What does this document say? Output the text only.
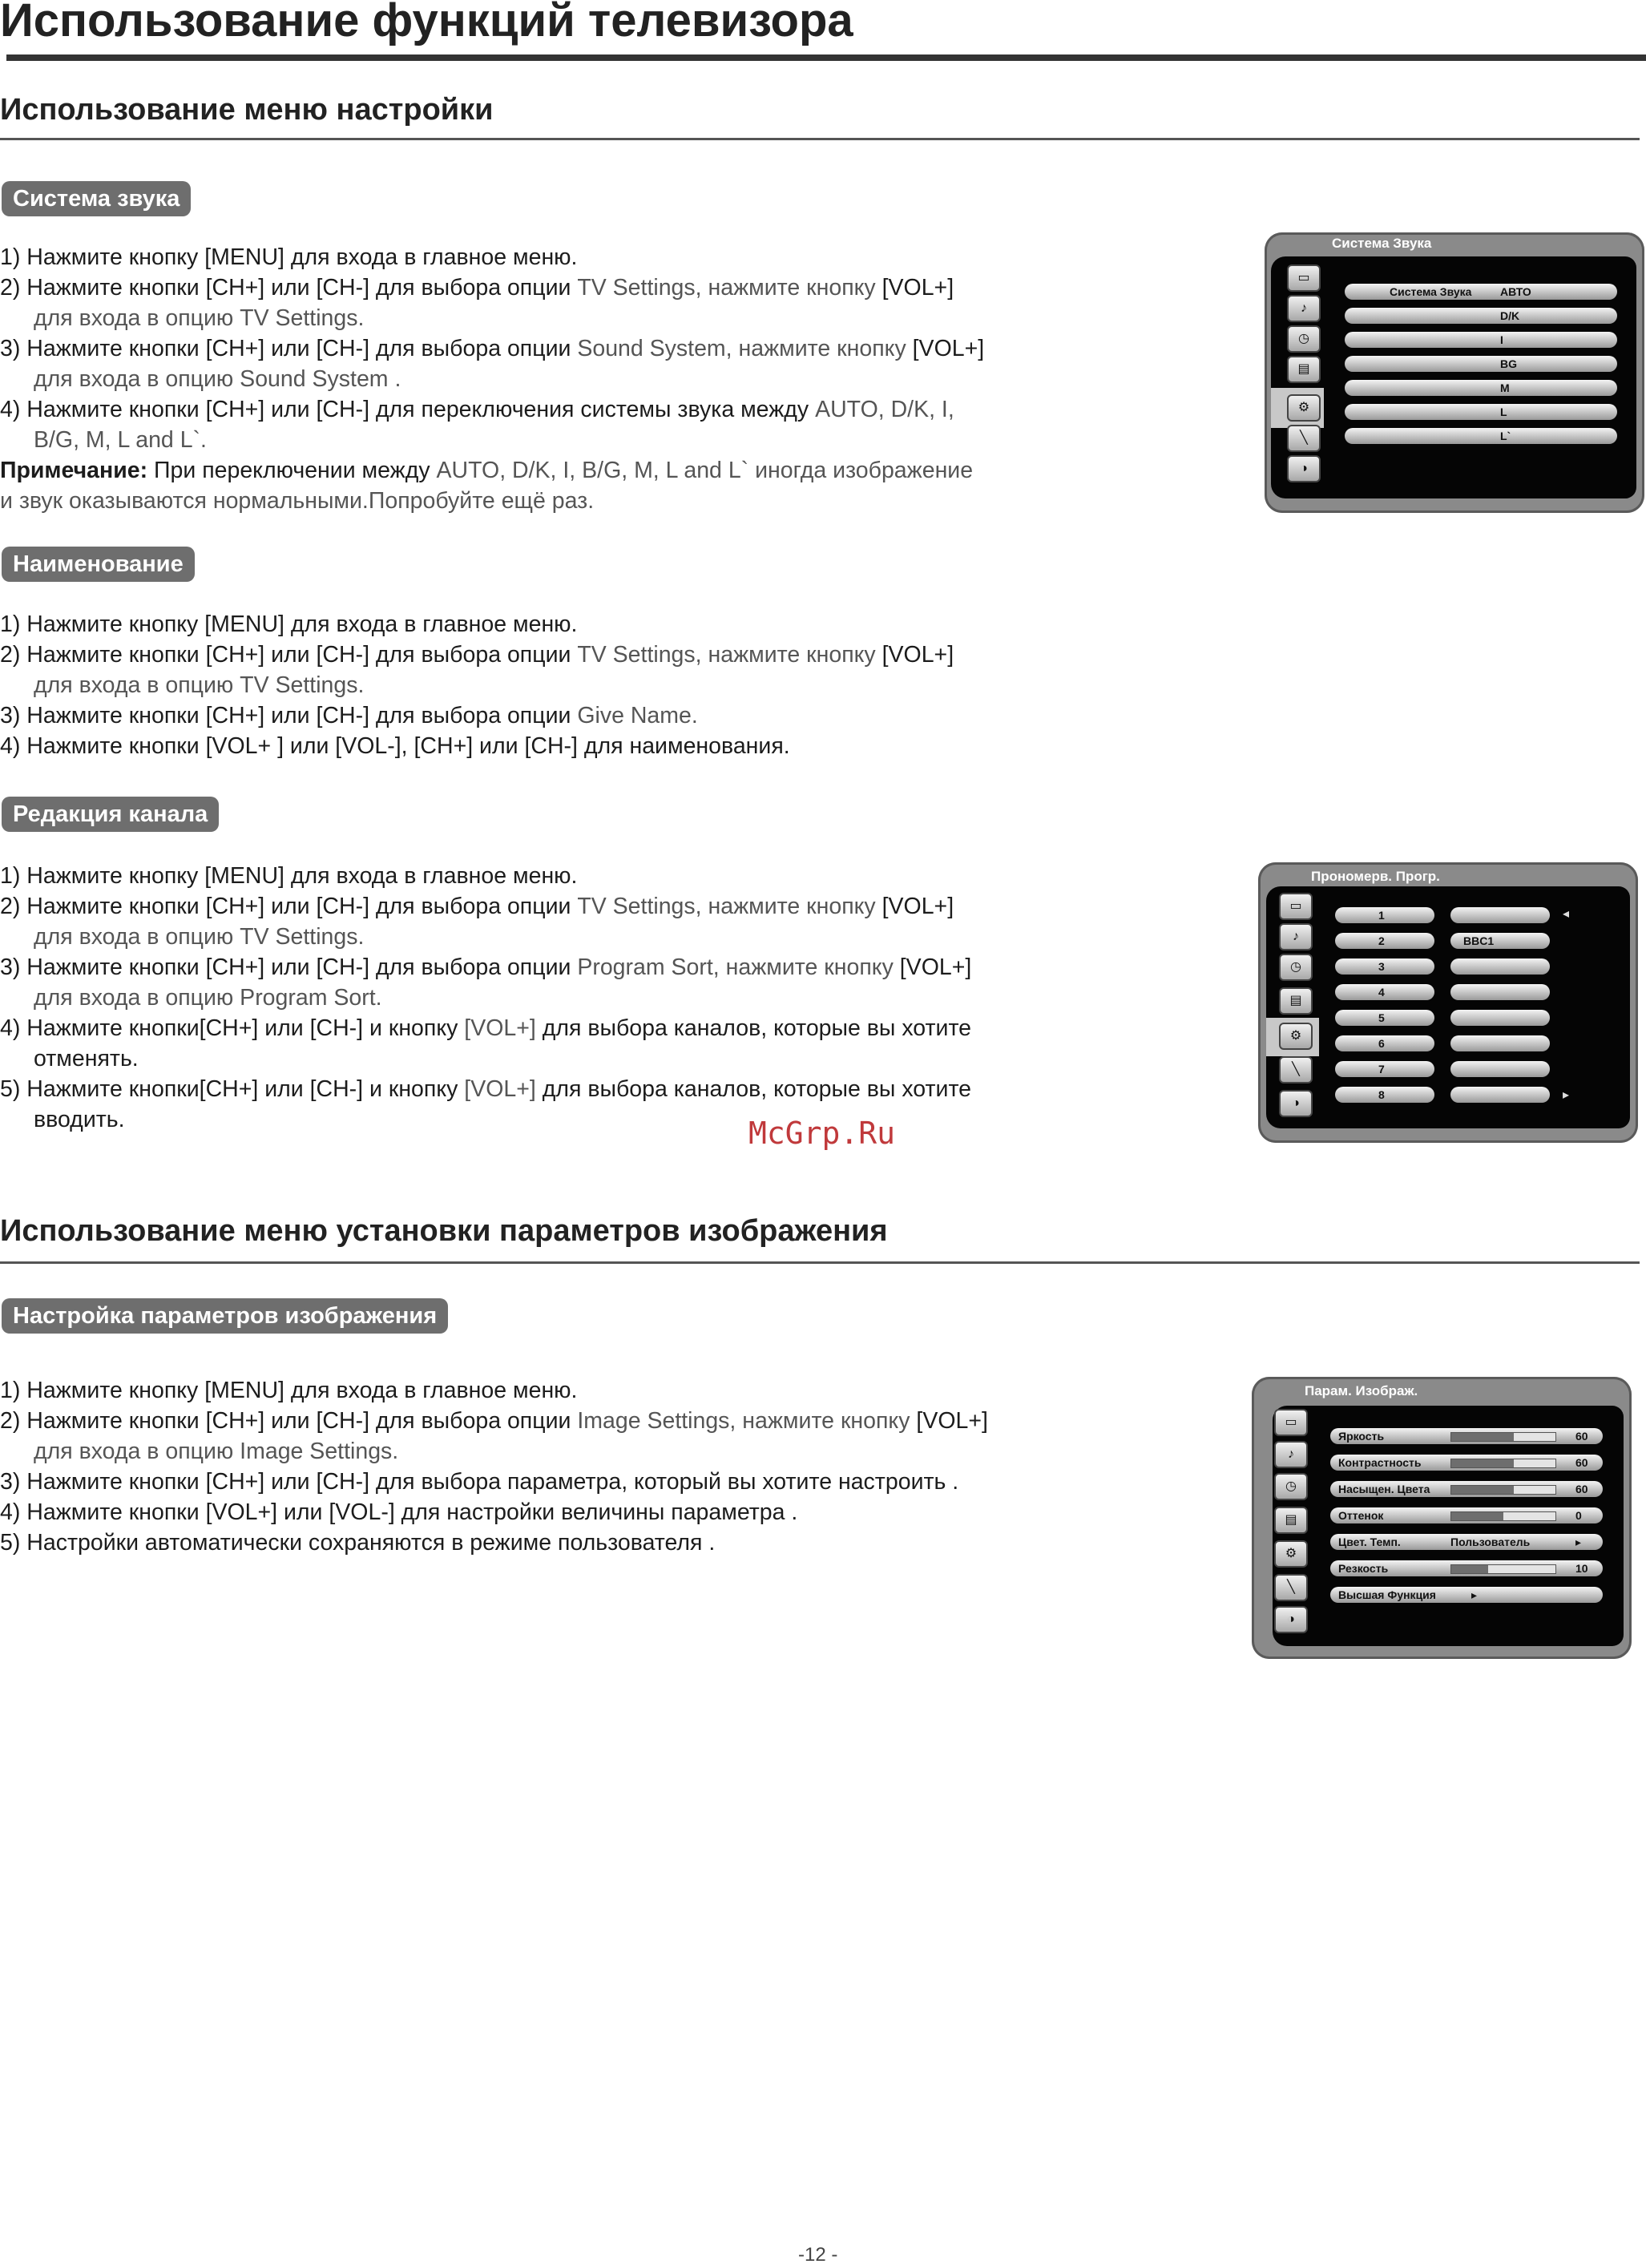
Использование функций телевизора
Использование меню настройки
Система звука
1) Нажмите кнопку [MENU] для входа в главное меню.
2) Нажмите кнопки [CH+] или [CH-] для выбора опции TV Settings, нажмите кнопку [VOL+]
для входа в опцию TV Settings.
3) Нажмите кнопки [CH+] или [CH-] для выбора опции Sound System, нажмите кнопку [VOL+]
для входа в опцию Sound System .
4) Нажмите кнопки [CH+] или [CH-] для переключения системы звука между AUTO, D/K, I,
B/G, M, L and L`.
Примечание: При переключении между AUTO, D/K, I, B/G, M, L and L` иногда изображение
и звук оказываются нормальными.Попробуйте ещё раз.
Система Звука
▭
♪
◷
▤
⚙
╲
◑
Система Звука	АВТО
D/K
I
BG
M
L
L`
Наименование
1) Нажмите кнопку [MENU] для входа в главное меню.
2) Нажмите кнопки [CH+] или [CH-] для выбора опции TV Settings, нажмите кнопку [VOL+]
для входа в опцию TV Settings.
3) Нажмите кнопки [CH+] или [CH-] для выбора опции Give Name.
4) Нажмите кнопки [VOL+ ] или [VOL-], [CH+] или [CH-] для наименования.
Редакция канала
1) Нажмите кнопку [MENU] для входа в главное меню.
2) Нажмите кнопки [CH+] или [CH-] для выбора опции TV Settings, нажмите кнопку [VOL+]
для входа в опцию TV Settings.
3) Нажмите кнопки [CH+] или [CH-] для выбора опции Program Sort, нажмите кнопку [VOL+]
для входа в опцию Program Sort.
4) Нажмите кнопки[CH+] или [CH-] и кнопку [VOL+] для выбора каналов, которые вы хотите
отменять.
5) Нажмите кнопки[CH+] или [CH-] и кнопку [VOL+] для выбора каналов, которые вы хотите
вводить.
Прономерв. Прогр.
▭
♪
◷
▤
⚙
╲
◑
1
2	BBC1
3
4
5
6
7
8
◂
▸
McGrp.Ru
Использование меню установки параметров изображения
Настройка параметров изображения
1) Нажмите кнопку [MENU] для входа в главное меню.
2) Нажмите кнопки [CH+] или [CH-] для выбора опции Image Settings, нажмите кнопку [VOL+]
для входа в опцию Image Settings.
3) Нажмите кнопки [CH+] или [CH-] для выбора параметра, который вы хотите настроить .
4) Нажмите кнопки [VOL+] или [VOL-] для настройки величины параметра .
5) Настройки автоматически сохраняются в режиме пользователя .
Парам. Изображ.
▭
♪
◷
▤
⚙
╲
◑
Яркость	60
Контрастность	60
Насыщен. Цвета	60
Оттенок	0
Цвет. Темп.	Пользователь	▸
Резкость	10
Высшая Функция	▸
-12 -
